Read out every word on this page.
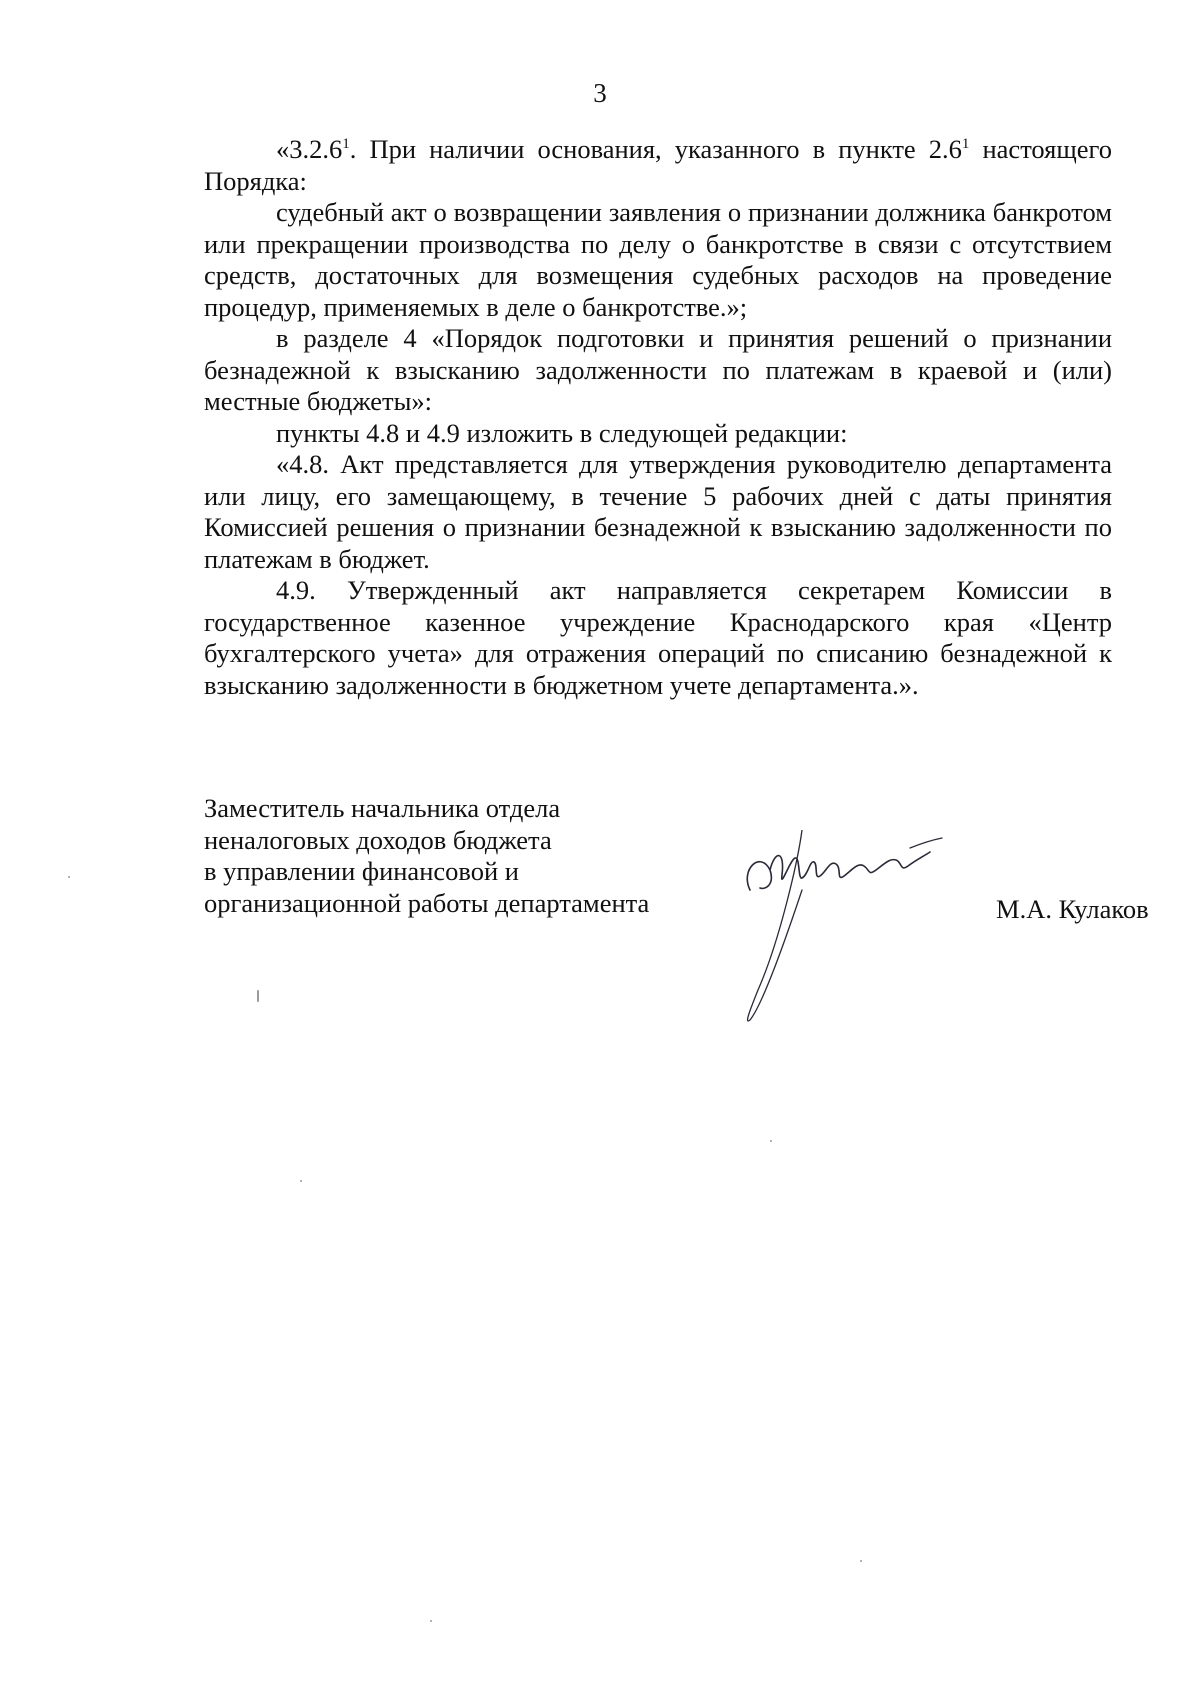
3

«3.2.6$^1$. При наличии основания, указанного в пункте $2.6^1$ настоящего Порядка:

судебный акт о возвращении заявления о признании должника банкротом или прекращении производства по делу о банкротстве в связи с отсутствием средств, достаточных для возмещения судебных расходов на проведение процедур, применяемых в деле о банкротстве.»;

в разделе 4 «Порядок подготовки и принятия решений о признании безнадежной к взысканию задолженности по платежам в краевой и (или) местные бюджеты»:

пункты 4.8 и 4.9 изложить в следующей редакции:

«4.8. Акт представляется для утверждения руководителю департамента или лицу, его замещающему, в течение 5 рабочих дней с даты принятия Комиссией решения о признании безнадежной к взысканию задолженности по платежам в бюджет.

4.9. Утвержденный акт направляется секретарем Комиссии в государственное казенное учреждение Краснодарского края «Центр бухгалтерского учета» для отражения операций по списанию безнадежной к взысканию задолженности в бюджетном учете департамента.».

Заместитель начальника отдела
неналоговых доходов бюджета
в управлении финансовой и
организационной работы департамента	М.А. Кулаков
